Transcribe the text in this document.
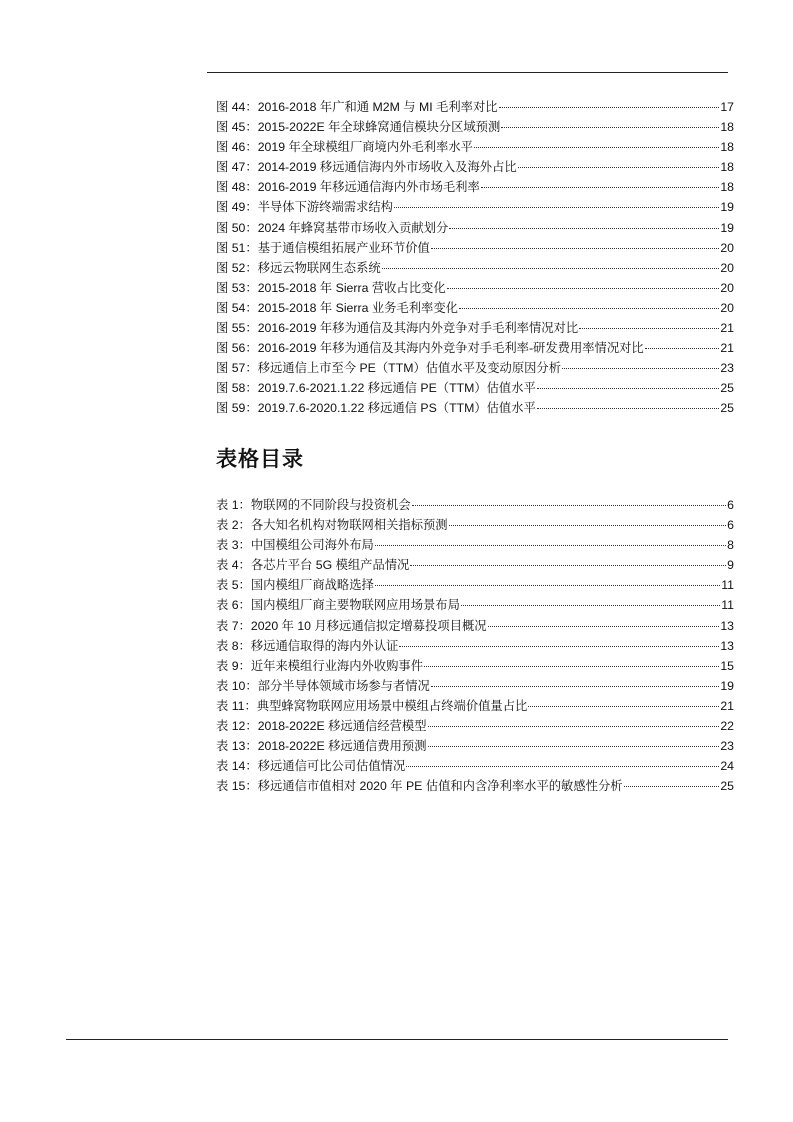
图 44：2016-2018 年广和通 M2M 与 MI 毛利率对比	17
图 45：2015-2022E 年全球蜂窝通信模块分区域预测	18
图 46：2019 年全球模组厂商境内外毛利率水平	18
图 47：2014-2019 移远通信海内外市场收入及海外占比	18
图 48：2016-2019 年移远通信海内外市场毛利率	18
图 49：半导体下游终端需求结构	19
图 50：2024 年蜂窝基带市场收入贡献划分	19
图 51：基于通信模组拓展产业环节价值	20
图 52：移远云物联网生态系统	20
图 53：2015-2018 年 Sierra 营收占比变化	20
图 54：2015-2018 年 Sierra 业务毛利率变化	20
图 55：2016-2019 年移为通信及其海内外竞争对手毛利率情况对比	21
图 56：2016-2019 年移为通信及其海内外竞争对手毛利率-研发费用率情况对比	21
图 57：移远通信上市至今 PE（TTM）估值水平及变动原因分析	23
图 58：2019.7.6-2021.1.22 移远通信 PE（TTM）估值水平	25
图 59：2019.7.6-2020.1.22 移远通信 PS（TTM）估值水平	25
表格目录
表 1：物联网的不同阶段与投资机会	6
表 2：各大知名机构对物联网相关指标预测	6
表 3：中国模组公司海外布局	8
表 4：各芯片平台 5G 模组产品情况	9
表 5：国内模组厂商战略选择	11
表 6：国内模组厂商主要物联网应用场景布局	11
表 7：2020 年 10 月移远通信拟定增募投项目概况	13
表 8：移远通信取得的海内外认证	13
表 9：近年来模组行业海内外收购事件	15
表 10：部分半导体领域市场参与者情况	19
表 11：典型蜂窝物联网应用场景中模组占终端价值量占比	21
表 12：2018-2022E 移远通信经营模型	22
表 13：2018-2022E 移远通信费用预测	23
表 14：移远通信可比公司估值情况	24
表 15：移远通信市值相对 2020 年 PE 估值和内含净利率水平的敏感性分析	25
